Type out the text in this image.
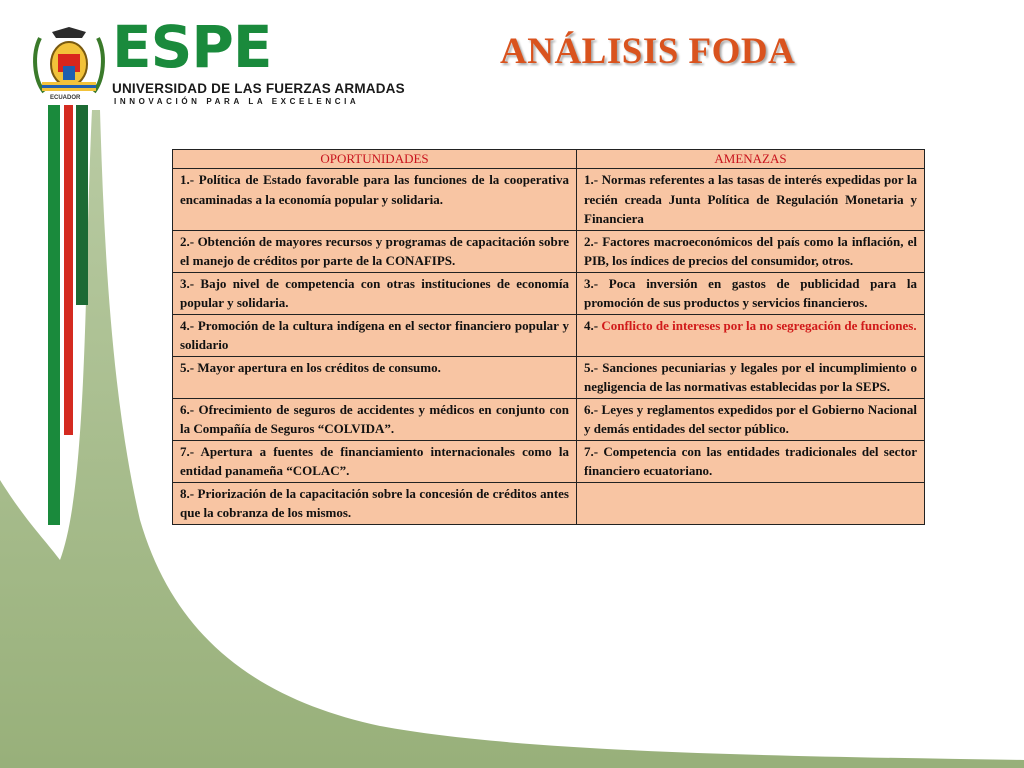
ECUADOR
ESPE
UNIVERSIDAD DE LAS FUERZAS ARMADAS
INNOVACIÓN PARA LA EXCELENCIA
ANÁLISIS FODA
OPORTUNIDADES	AMENAZAS
1.- Política de Estado favorable para las funciones de la cooperativa encaminadas a la economía popular y solidaria.	1.- Normas referentes a las tasas de interés expedidas por la recién creada Junta Política de Regulación Monetaria y Financiera
2.- Obtención de mayores recursos y programas de capacitación sobre el manejo de créditos por parte de la CONAFIPS.	2.- Factores macroeconómicos del país como la inflación, el PIB, los índices de precios del consumidor, otros.
3.- Bajo nivel de competencia con otras instituciones de economía popular y solidaria.	3.- Poca inversión en gastos de publicidad para la promoción de sus productos y servicios financieros.
4.- Promoción de la cultura indígena en el sector financiero popular y solidario	4.- Conflicto de intereses por la no segregación de funciones.
5.- Mayor apertura en los créditos de consumo.	5.- Sanciones pecuniarias y legales por el incumplimiento o negligencia de las normativas establecidas por la SEPS.
6.- Ofrecimiento de seguros de accidentes y médicos en conjunto con la Compañía de Seguros “COLVIDA”.	6.- Leyes y reglamentos expedidos por el Gobierno Nacional y demás entidades del sector público.
7.- Apertura a fuentes de financiamiento internacionales como la entidad panameña “COLAC”.	7.- Competencia con las entidades tradicionales del sector financiero ecuatoriano.
8.- Priorización de la capacitación sobre la concesión de créditos antes que la cobranza de los mismos.	
